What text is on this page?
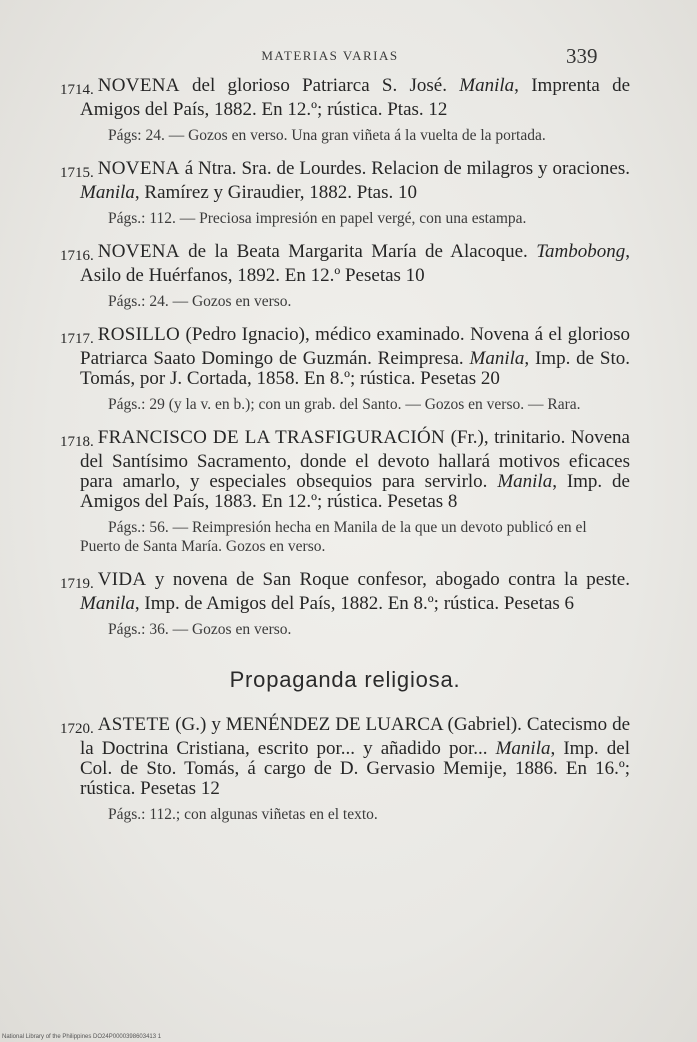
MATERIAS VARIAS	339

1714. NOVENA del glorioso Patriarca S. José. Manila, Imprenta de Amigos del País, 1882. En 12.º; rústica. Ptas. 12

Págs: 24. — Gozos en verso. Una gran viñeta á la vuelta de la portada.

1715. NOVENA á Ntra. Sra. de Lourdes. Relacion de milagros y oraciones. Manila, Ramírez y Giraudier, 1882. Ptas. 10

Págs.: 112. — Preciosa impresión en papel vergé, con una estampa.

1716. NOVENA de la Beata Margarita María de Alacoque. Tambobong, Asilo de Huérfanos, 1892. En 12.º Pesetas 10

Págs.: 24. — Gozos en verso.

1717. ROSILLO (Pedro Ignacio), médico examinado. Novena á el glorioso Patriarca Saato Domingo de Guzmán. Reimpresa. Manila, Imp. de Sto. Tomás, por J. Cortada, 1858. En 8.º; rústica. Pesetas 20

Págs.: 29 (y la v. en b.); con un grab. del Santo. — Gozos en verso. — Rara.

1718. FRANCISCO DE LA TRASFIGURACIÓN (Fr.), trinitario. Novena del Santísimo Sacramento, donde el devoto hallará motivos eficaces para amarlo, y especiales obsequios para servirlo. Manila, Imp. de Amigos del País, 1883. En 12.º; rústica. Pesetas 8

Págs.: 56. — Reimpresión hecha en Manila de la que un devoto publicó en el Puerto de Santa María. Gozos en verso.

1719. VIDA y novena de San Roque confesor, abogado contra la peste. Manila, Imp. de Amigos del País, 1882. En 8.º; rústica. Pesetas 6

Págs.: 36. — Gozos en verso.

Propaganda religiosa.

1720. ASTETE (G.) y MENÉNDEZ DE LUARCA (Gabriel). Catecismo de la Doctrina Cristiana, escrito por... y añadido por... Manila, Imp. del Col. de Sto. Tomás, á cargo de D. Gervasio Memije, 1886. En 16.º; rústica. Pesetas 12

Págs.: 112.; con algunas viñetas en el texto.

National Library of the Philippines DO24P0000398603413 1
